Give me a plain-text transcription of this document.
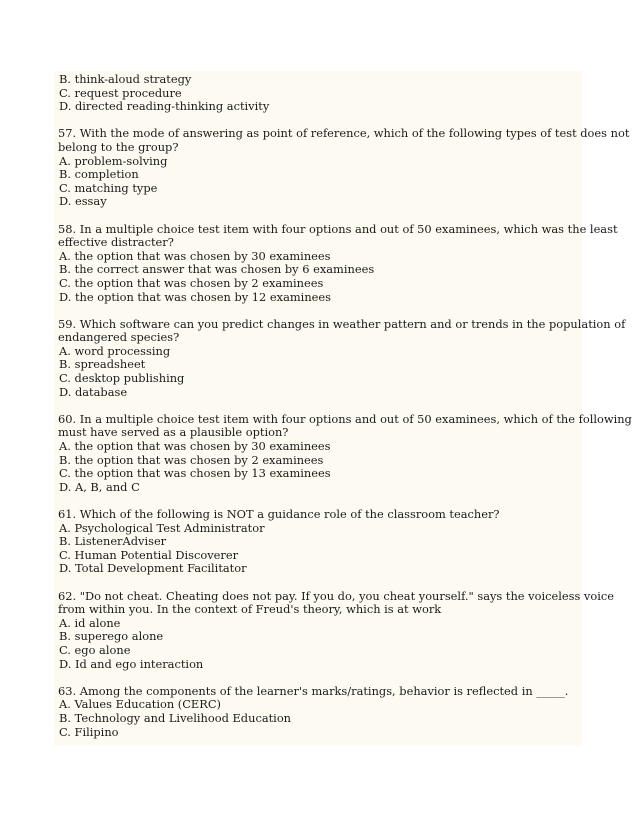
B. think-aloud strategy

C. request procedure

D. directed reading-thinking activity

57. With the mode of answering as point of reference, which of the following types of test does not

belong to the group?

A. problem-solving

B. completion

C. matching type

D. essay

58. In a multiple choice test item with four options and out of 50 examinees, which was the least

effective distracter?

A. the option that was chosen by 30 examinees

B. the correct answer that was chosen by 6 examinees

C. the option that was chosen by 2 examinees

D. the option that was chosen by 12 examinees

59. Which software can you predict changes in weather pattern and or trends in the population of

endangered species?

A. word processing

B. spreadsheet

C. desktop publishing

D. database

60. In a multiple choice test item with four options and out of 50 examinees, which of the following

must have served as a plausible option?

A. the option that was chosen by 30 examinees

B. the option that was chosen by 2 examinees

C. the option that was chosen by 13 examinees

D. A, B, and C

61. Which of the following is NOT a guidance role of the classroom teacher?

A. Psychological Test Administrator

B. ListenerAdviser

C. Human Potential Discoverer

D. Total Development Facilitator

62. "Do not cheat. Cheating does not pay. If you do, you cheat yourself." says the voiceless voice

from within you. In the context of Freud's theory, which is at work

A. id alone

B. superego alone

C. ego alone

D. Id and ego interaction

63. Among the components of the learner's marks/ratings, behavior is reflected in _____.

A. Values Education (CERC)

B. Technology and Livelihood Education

C. Filipino
